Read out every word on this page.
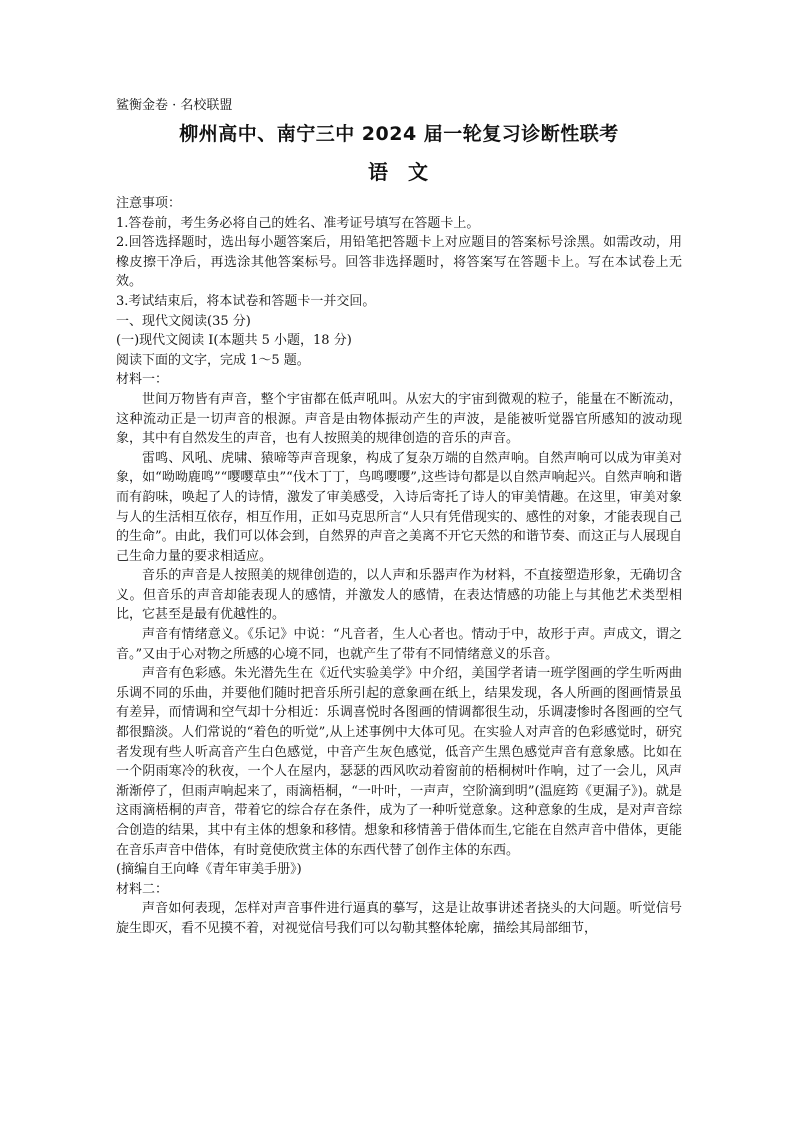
鲨衡金卷 · 名校联盟
柳州高中、南宁三中 2024 届一轮复习诊断性联考
语 文

注意事项：

1.答卷前，考生务必将自己的姓名、准考证号填写在答题卡上。

2.回答选择题时，选出每小题答案后，用铅笔把答题卡上对应题目的答案标号涂黑。如需改动，用橡皮擦干净后，再选涂其他答案标号。回答非选择题时，将答案写在答题卡上。写在本试卷上无效。

3.考试结束后，将本试卷和答题卡一并交回。

一、现代文阅读(35 分)

(一)现代文阅读 I(本题共 5 小题，18 分)

阅读下面的文字，完成 1～5 题。

材料一：

世间万物皆有声音，整个宇宙都在低声吼叫。从宏大的宇宙到微观的粒子，能量在不断流动，这种流动正是一切声音的根源。声音是由物体振动产生的声波，是能被听觉器官所感知的波动现象，其中有自然发生的声音，也有人按照美的规律创造的音乐的声音。

雷鸣、风吼、虎啸、猿啼等声音现象，构成了复杂万端的自然声响。自然声响可以成为审美对象，如“呦呦鹿鸣”“嘤嘤草虫”“伐木丁丁，鸟鸣嘤嘤”,这些诗句都是以自然声响起兴。自然声响和谐而有韵味，唤起了人的诗情，激发了审美感受，入诗后寄托了诗人的审美情趣。在这里，审美对象与人的生活相互依存，相互作用，正如马克思所言“人只有凭借现实的、感性的对象，才能表现自己的生命”。由此，我们可以体会到，自然界的声音之美离不开它天然的和谐节奏、而这正与人展现自己生命力量的要求相适应。

音乐的声音是人按照美的规律创造的，以人声和乐器声作为材料，不直接塑造形象，无确切含义。但音乐的声音却能表现人的感情，并激发人的感情，在表达情感的功能上与其他艺术类型相比，它甚至是最有优越性的。

声音有情绪意义。《乐记》中说：“凡音者，生人心者也。情动于中，故形于声。声成文，谓之音。”又由于心对物之所感的心境不同，也就产生了带有不同情绪意义的乐音。

声音有色彩感。朱光潜先生在《近代实验美学》中介绍，美国学者请一班学图画的学生听两曲乐调不同的乐曲，并要他们随时把音乐所引起的意象画在纸上，结果发现，各人所画的图画情景虽有差异，而情调和空气却十分相近：乐调喜悦时各图画的情调都很生动，乐调凄惨时各图画的空气都很黯淡。人们常说的“着色的听觉”,从上述事例中大体可见。在实验人对声音的色彩感觉时，研究者发现有些人听高音产生白色感觉，中音产生灰色感觉，低音产生黑色感觉声音有意象感。比如在一个阴雨寒冷的秋夜，一个人在屋内，瑟瑟的西风吹动着窗前的梧桐树叶作响，过了一会儿，风声渐渐停了，但雨声响起来了，雨滴梧桐，“一叶叶，一声声，空阶滴到明”(温庭筠《更漏子》)。就是这雨滴梧桐的声音，带着它的综合存在条件，成为了一种听觉意象。这种意象的生成，是对声音综合创造的结果，其中有主体的想象和移情。想象和移情善于借体而生,它能在自然声音中借体，更能在音乐声音中借体，有时竟使欣赏主体的东西代替了创作主体的东西。

(摘编自王向峰《青年审美手册》)

材料二：

声音如何表现，怎样对声音事件进行逼真的摹写，这是让故事讲述者挠头的大问题。听觉信号旋生即灭，看不见摸不着，对视觉信号我们可以勾勒其整体轮廓，描绘其局部细节，
